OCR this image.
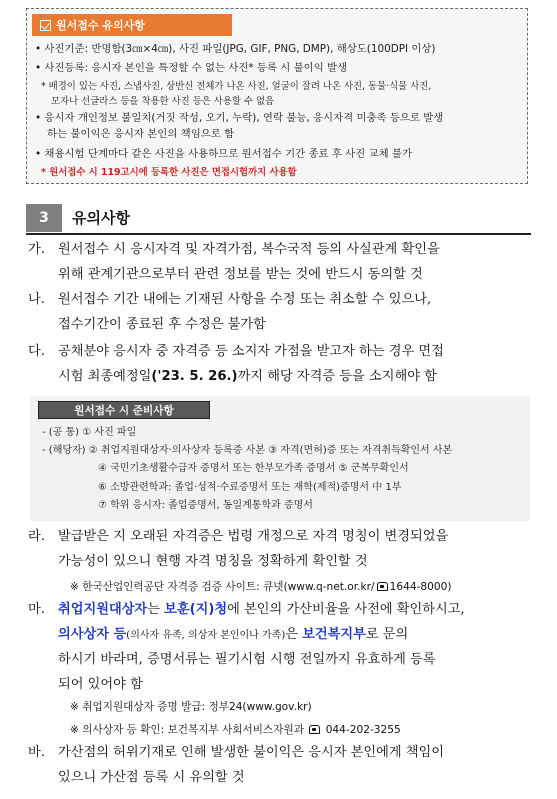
원서접수 유의사항
• 사진기준: 반명함(3㎝×4㎝), 사진 파일(JPG, GIF, PNG, DMP), 해상도(100DPI 이상)
• 사진등록: 응시자 본인을 특정할 수 없는 사진* 등록 시 불이익 발생
* 배경이 있는 사진, 스냅사진, 상반신 전체가 나온 사진, 얼굴이 잘려 나온 사진, 동물·식물 사진,
모자나 선글라스 등을 착용한 사진 등은 사용할 수 없음
• 응시자 개인정보 불일치(거짓 작성, 오기, 누락), 연락 불능, 응시자격 미충족 등으로 발생
하는 불이익은 응시자 본인의 책임으로 함
• 채용시험 단계마다 같은 사진을 사용하므로 원서접수 기간 종료 후 사진 교체 불가
* 원서접수 시 119고시에 등록한 사진은 면접시험까지 사용함
3	유의사항
가. 원서접수 시 응시자격 및 자격가점, 복수국적 등의 사실관계 확인을
위해 관계기관으로부터 관련 정보를 받는 것에 반드시 동의할 것
나. 원서접수 기간 내에는 기재된 사항을 수정 또는 취소할 수 있으나,
접수기간이 종료된 후 수정은 불가함
다. 공채분야 응시자 중 자격증 등 소지자 가점을 받고자 하는 경우 면접
시험 최종예정일('23. 5. 26.)까지 해당 자격증 등을 소지해야 함
원서접수 시 준비사항
- (공 통) ① 사진 파일
- (해당자) ② 취업지원대상자·의사상자 등록증 사본 ③ 자격(면허)증 또는 자격취득확인서 사본
④ 국민기초생활수급자 증명서 또는 한부모가족 증명서 ⑤ 군복무확인서
⑥ 소방관련학과: 졸업·성적·수료증명서 또는 재학(제적)증명서 中 1부
⑦ 학위 응시자: 졸업증명서, 동일계통학과 증명서
라. 발급받은 지 오래된 자격증은 법령 개정으로 자격 명칭이 변경되었을
가능성이 있으니 현행 자격 명칭을 정확하게 확인할 것
※ 한국산업인력공단 자격증 검증 사이트: 큐넷(www.q-net.or.kr/ 1644-8000)
마. 취업지원대상자는 보훈(지)청에 본인의 가산비율을 사전에 확인하시고,
의사상자 등(의사자 유족, 의상자 본인이나 가족)은 보건복지부로 문의
하시기 바라며, 증명서류는 필기시험 시행 전일까지 유효하게 등록
되어 있어야 함
※ 취업지원대상자 증명 발급: 정부24(www.gov.kr)
※ 의사상자 등 확인: 보건복지부 사회서비스자원과  044-202-3255
바. 가산점의 허위기재로 인해 발생한 불이익은 응시자 본인에게 책임이
있으니 가산점 등록 시 유의할 것
